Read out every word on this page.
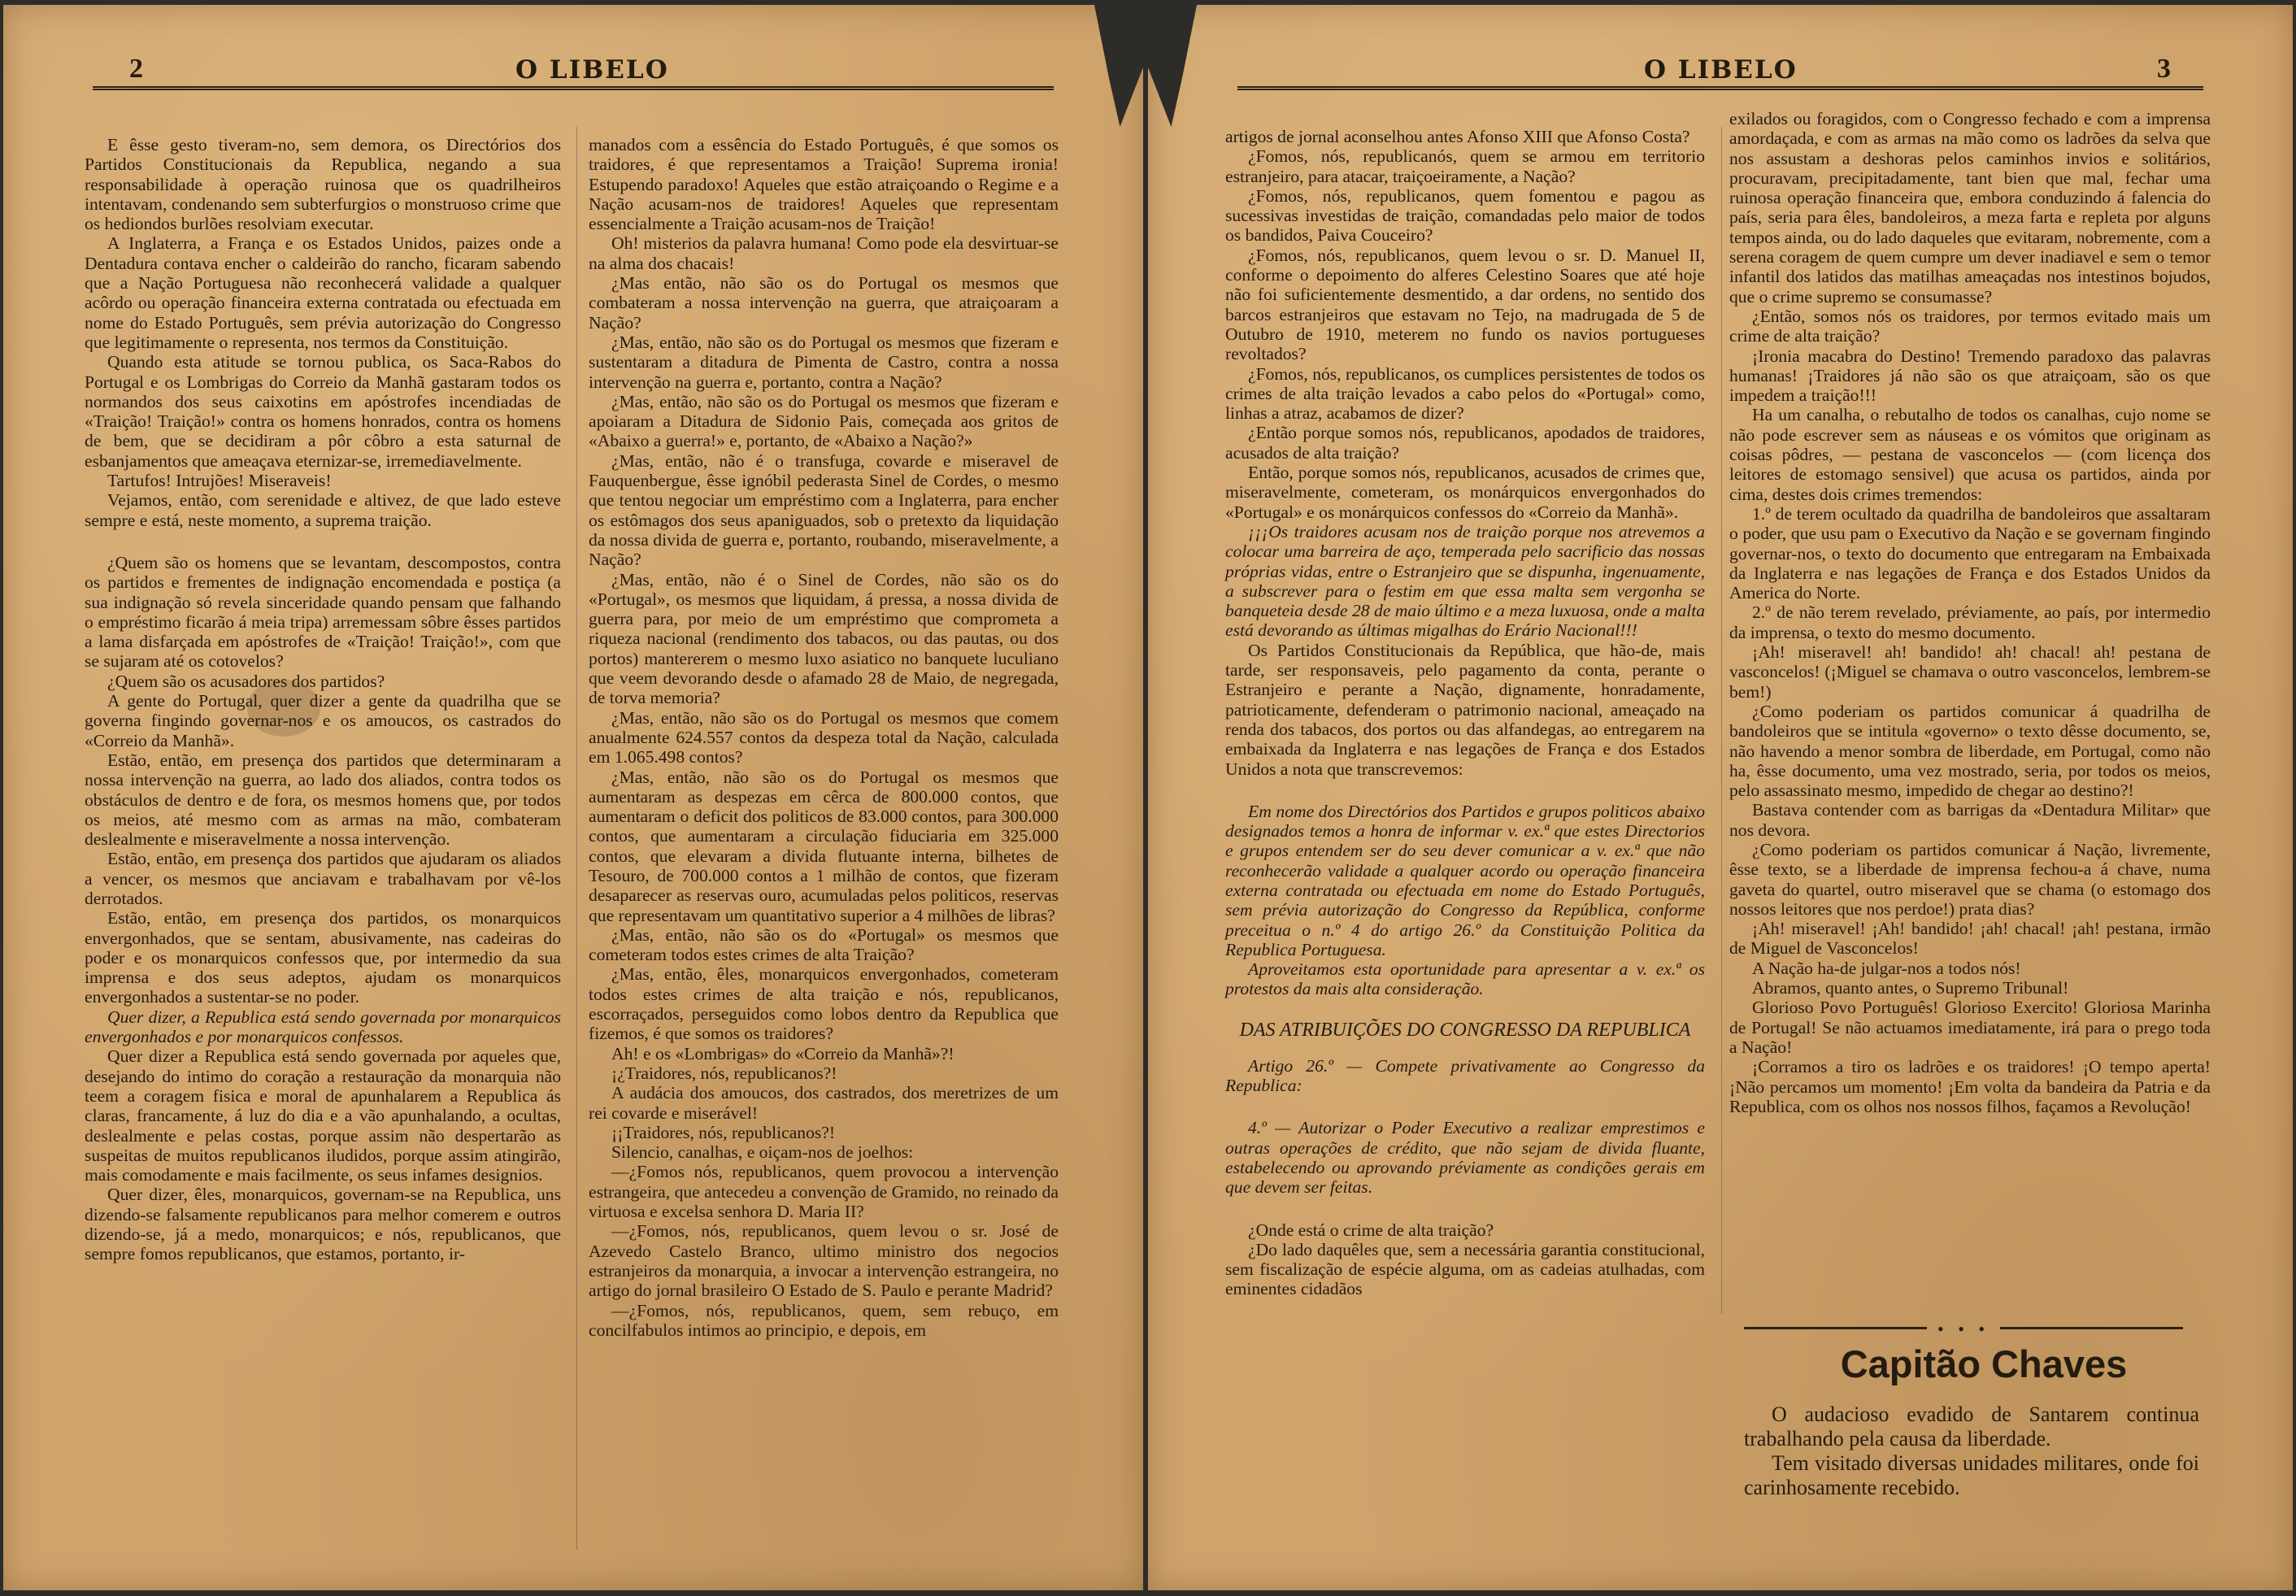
2	O LIBELO

E êsse gesto tiveram-no, sem demora, os Directórios dos Partidos Constitucionais da Republica, negando a sua responsabilidade à operação ruinosa que os quadrilheiros intentavam, condenando sem subterfurgios o monstruoso crime que os hediondos burlões resolviam executar.

A Inglaterra, a França e os Estados Unidos, paizes onde a Dentadura contava encher o caldeirão do rancho, ficaram sabendo que a Nação Portuguesa não reconhecerá validade a qualquer acôrdo ou operação financeira externa contratada ou efectuada em nome do Estado Português, sem prévia autorização do Congresso que legitimamente o representa, nos termos da Constituição.

Quando esta atitude se tornou publica, os Saca-Rabos do Portugal e os Lombrigas do Correio da Manhã gastaram todos os normandos dos seus caixotins em apóstrofes incendiadas de «Traição! Traição!» contra os homens honrados, contra os homens de bem, que se decidiram a pôr côbro a esta saturnal de esbanjamentos que ameaçava eternizar-se, irremediavelmente.

Tartufos! Intrujões! Miseraveis!

Vejamos, então, com serenidade e altivez, de que lado esteve sempre e está, neste momento, a suprema traição.

¿Quem são os homens que se levantam, descompostos, contra os partidos e frementes de indignação encomendada e postiça (a sua indignação só revela sinceridade quando pensam que falhando o empréstimo ficarão á meia tripa) arremessam sôbre êsses partidos a lama disfarçada em apóstrofes de «Traição! Traição!», com que se sujaram até os cotovelos?

¿Quem são os acusadores dos partidos?

A gente do Portugal, quer dizer a gente da quadrilha que se governa fingindo governar-nos e os amoucos, os castrados do «Correio da Manhã».

Estão, então, em presença dos partidos que determinaram a nossa intervenção na guerra, ao lado dos aliados, contra todos os obstáculos de dentro e de fora, os mesmos homens que, por todos os meios, até mesmo com as armas na mão, combateram deslealmente e miseravelmente a nossa intervenção.

Estão, então, em presença dos partidos que ajudaram os aliados a vencer, os mesmos que anciavam e trabalhavam por vê-los derrotados.

Estão, então, em presença dos partidos, os monarquicos envergonhados, que se sentam, abusivamente, nas cadeiras do poder e os monarquicos confessos que, por intermedio da sua imprensa e dos seus adeptos, ajudam os monarquicos envergonhados a sustentar-se no poder.

Quer dizer, a Republica está sendo governada por monarquicos envergonhados e por monarquicos confessos.

Quer dizer a Republica está sendo governada por aqueles que, desejando do intimo do coração a restauração da monarquia não teem a coragem fisica e moral de apunhalarem a Republica ás claras, francamente, á luz do dia e a vão apunhalando, a ocultas, deslealmente e pelas costas, porque assim não despertarão as suspeitas de muitos republicanos iludidos, porque assim atingirão, mais comodamente e mais facilmente, os seus infames designios.

Quer dizer, êles, monarquicos, governam-se na Republica, uns dizendo-se falsamente republicanos para melhor comerem e outros dizendo-se, já a medo, monarquicos; e nós, republicanos, que sempre fomos republicanos, que estamos, portanto, ir-

manados com a essência do Estado Português, é que somos os traidores, é que representamos a Traição! Suprema ironia! Estupendo paradoxo! Aqueles que estão atraiçoando o Regime e a Nação acusam-nos de traidores! Aqueles que representam essencialmente a Traição acusam-nos de Traição!

Oh! misterios da palavra humana! Como pode ela desvirtuar-se na alma dos chacais!

¿Mas então, não são os do Portugal os mesmos que combateram a nossa intervenção na guerra, que atraiçoaram a Nação?

¿Mas, então, não são os do Portugal os mesmos que fizeram e sustentaram a ditadura de Pimenta de Castro, contra a nossa intervenção na guerra e, portanto, contra a Nação?

¿Mas, então, não são os do Portugal os mesmos que fizeram e apoiaram a Ditadura de Sidonio Pais, começada aos gritos de «Abaixo a guerra!» e, portanto, de «Abaixo a Nação?»

¿Mas, então, não é o transfuga, covarde e miseravel de Fauquenbergue, êsse ignóbil pederasta Sinel de Cordes, o mesmo que tentou negociar um empréstimo com a Inglaterra, para encher os estômagos dos seus apaniguados, sob o pretexto da liquidação da nossa divida de guerra e, portanto, roubando, miseravelmente, a Nação?

¿Mas, então, não é o Sinel de Cordes, não são os do «Portugal», os mesmos que liquidam, á pressa, a nossa divida de guerra para, por meio de um empréstimo que comprometa a riqueza nacional (rendimento dos tabacos, ou das pautas, ou dos portos) mantererem o mesmo luxo asiatico no banquete luculiano que veem devorando desde o afamado 28 de Maio, de negregada, de torva memoria?

¿Mas, então, não são os do Portugal os mesmos que comem anualmente 624.557 contos da despeza total da Nação, calculada em 1.065.498 contos?

¿Mas, então, não são os do Portugal os mesmos que aumentaram as despezas em cêrca de 800.000 contos, que aumentaram o deficit dos politicos de 83.000 contos, para 300.000 contos, que aumentaram a circulação fiduciaria em 325.000 contos, que elevaram a divida flutuante interna, bilhetes de Tesouro, de 700.000 contos a 1 milhão de contos, que fizeram desaparecer as reservas ouro, acumuladas pelos politicos, reservas que representavam um quantitativo superior a 4 milhões de libras?

¿Mas, então, não são os do «Portugal» os mesmos que cometeram todos estes crimes de alta Traição?

¿Mas, então, êles, monarquicos envergonhados, cometeram todos estes crimes de alta traição e nós, republicanos, escorraçados, perseguidos como lobos dentro da Republica que fizemos, é que somos os traidores?

Ah! e os «Lombrigas» do «Correio da Manhã»?!

¡¿Traidores, nós, republicanos?!

A audácia dos amoucos, dos castrados, dos meretrizes de um rei covarde e miserável!

¡¡Traidores, nós, republicanos?!

Silencio, canalhas, e oiçam-nos de joelhos:

—¿Fomos nós, republicanos, quem provocou a intervenção estrangeira, que antecedeu a convenção de Gramido, no reinado da virtuosa e excelsa senhora D. Maria II?

—¿Fomos, nós, republicanos, quem levou o sr. José de Azevedo Castelo Branco, ultimo ministro dos negocios estranjeiros da monarquia, a invocar a intervenção estrangeira, no artigo do jornal brasileiro O Estado de S. Paulo e perante Madrid?

—¿Fomos, nós, republicanos, quem, sem rebuço, em concilfabulos intimos ao principio, e depois, em

O LIBELO	3

artigos de jornal aconselhou antes Afonso XIII que Afonso Costa?

¿Fomos, nós, republicanós, quem se armou em territorio estranjeiro, para atacar, traiçoeiramente, a Nação?

¿Fomos, nós, republicanos, quem fomentou e pagou as sucessivas investidas de traição, comandadas pelo maior de todos os bandidos, Paiva Couceiro?

¿Fomos, nós, republicanos, quem levou o sr. D. Manuel II, conforme o depoimento do alferes Celestino Soares que até hoje não foi suficientemente desmentido, a dar ordens, no sentido dos barcos estranjeiros que estavam no Tejo, na madrugada de 5 de Outubro de 1910, meterem no fundo os navios portugueses revoltados?

¿Fomos, nós, republicanos, os cumplices persistentes de todos os crimes de alta traição levados a cabo pelos do «Portugal» como, linhas a atraz, acabamos de dizer?

¿Então porque somos nós, republicanos, apodados de traidores, acusados de alta traição?

Então, porque somos nós, republicanos, acusados de crimes que, miseravelmente, cometeram, os monárquicos envergonhados do «Portugal» e os monárquicos confessos do «Correio da Manhã».

¡¡¡Os traidores acusam nos de traição porque nos atrevemos a colocar uma barreira de aço, temperada pelo sacrificio das nossas próprias vidas, entre o Estranjeiro que se dispunha, ingenuamente, a subscrever para o festim em que essa malta sem vergonha se banqueteia desde 28 de maio último e a meza luxuosa, onde a malta está devorando as últimas migalhas do Erário Nacional!!!

Os Partidos Constitucionais da República, que hão-de, mais tarde, ser responsaveis, pelo pagamento da conta, perante o Estranjeiro e perante a Nação, dignamente, honradamente, patrioticamente, defenderam o patrimonio nacional, ameaçado na renda dos tabacos, dos portos ou das alfandegas, ao entregarem na embaixada da Inglaterra e nas legações de França e dos Estados Unidos a nota que transcrevemos:

Em nome dos Directórios dos Partidos e grupos politicos abaixo designados temos a honra de informar v. ex.ª que estes Directorios e grupos entendem ser do seu dever comunicar a v. ex.ª que não reconhecerão validade a qualquer acordo ou operação financeira externa contratada ou efectuada em nome do Estado Português, sem prévia autorização do Congresso da República, conforme preceitua o n.º 4 do artigo 26.º da Constituição Politica da Republica Portuguesa.

Aproveitamos esta oportunidade para apresentar a v. ex.ª os protestos da mais alta consideração.

DAS ATRIBUIÇÕES DO CONGRESSO DA REPUBLICA

Artigo 26.º — Compete privativamente ao Congresso da Republica:

4.º — Autorizar o Poder Executivo a realizar emprestimos e outras operações de crédito, que não sejam de divida fluante, estabelecendo ou aprovando préviamente as condições gerais em que devem ser feitas.

¿Onde está o crime de alta traição?

¿Do lado daquêles que, sem a necessária garantia constitucional, sem fiscalização de espécie alguma, om as cadeias atulhadas, com eminentes cidadãos

exilados ou foragidos, com o Congresso fechado e com a imprensa amordaçada, e com as armas na mão como os ladrões da selva que nos assustam a deshoras pelos caminhos invios e solitários, procuravam, precipitadamente, tant bien que mal, fechar uma ruinosa operação financeira que, embora conduzindo á falencia do país, seria para êles, bandoleiros, a meza farta e repleta por alguns tempos ainda, ou do lado daqueles que evitaram, nobremente, com a serena coragem de quem cumpre um dever inadiavel e sem o temor infantil dos latidos das matilhas ameaçadas nos intestinos bojudos, que o crime supremo se consumasse?

¿Então, somos nós os traidores, por termos evitado mais um crime de alta traição?

¡Ironia macabra do Destino! Tremendo paradoxo das palavras humanas! ¡Traidores já não são os que atraiçoam, são os que impedem a traição!!!

Ha um canalha, o rebutalho de todos os canalhas, cujo nome se não pode escrever sem as náuseas e os vómitos que originam as coisas pôdres, — pestana de vasconcelos — (com licença dos leitores de estomago sensivel) que acusa os partidos, ainda por cima, destes dois crimes tremendos:

1.º de terem ocultado da quadrilha de bandoleiros que assaltaram o poder, que usu pam o Executivo da Nação e se governam fingindo governar-nos, o texto do documento que entregaram na Embaixada da Inglaterra e nas legações de França e dos Estados Unidos da America do Norte.

2.º de não terem revelado, préviamente, ao país, por intermedio da imprensa, o texto do mesmo documento.

¡Ah! miseravel! ah! bandido! ah! chacal! ah! pestana de vasconcelos! (¡Miguel se chamava o outro vasconcelos, lembrem-se bem!)

¿Como poderiam os partidos comunicar á quadrilha de bandoleiros que se intitula «governo» o texto dêsse documento, se, não havendo a menor sombra de liberdade, em Portugal, como não ha, êsse documento, uma vez mostrado, seria, por todos os meios, pelo assassinato mesmo, impedido de chegar ao destino?!

Bastava contender com as barrigas da «Dentadura Militar» que nos devora.

¿Como poderiam os partidos comunicar á Nação, livremente, êsse texto, se a liberdade de imprensa fechou-a á chave, numa gaveta do quartel, outro miseravel que se chama (o estomago dos nossos leitores que nos perdoe!) prata dias?

¡Ah! miseravel! ¡Ah! bandido! ¡ah! chacal! ¡ah! pestana, irmão de Miguel de Vasconcelos!

A Nação ha-de julgar-nos a todos nós!

Abramos, quanto antes, o Supremo Tribunal!

Glorioso Povo Português! Glorioso Exercito! Gloriosa Marinha de Portugal! Se não actuamos imediatamente, irá para o prego toda a Nação!

¡Corramos a tiro os ladrões e os traidores! ¡O tempo aperta! ¡Não percamos um momento! ¡Em volta da bandeira da Patria e da Republica, com os olhos nos nossos filhos, façamos a Revolução!

• • •
Capitão Chaves

O audacioso evadido de Santarem continua trabalhando pela causa da liberdade.

Tem visitado diversas unidades militares, onde foi carinhosamente recebido.
